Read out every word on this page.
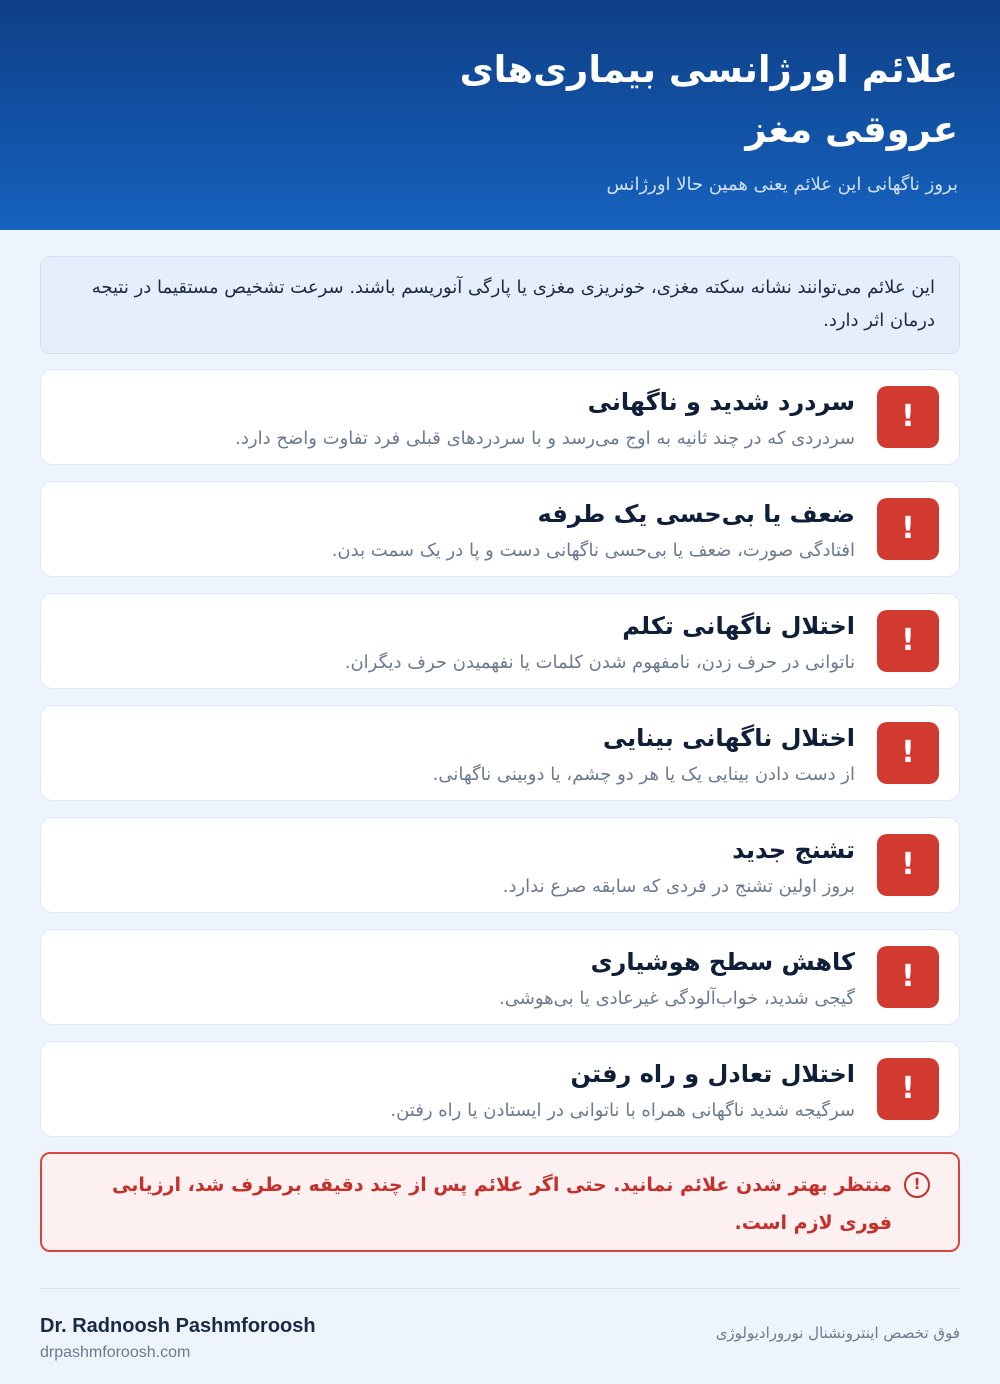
علائم اورژانسی بیماری‌های عروقی مغز
بروز ناگهانی این علائم یعنی همین حالا اورژانس
این علائم می‌توانند نشانه سکته مغزی، خونریزی مغزی یا پارگی آنوریسم باشند. سرعت تشخیص مستقیما در نتیجه درمان اثر دارد.
!
سردرد شدید و ناگهانی
سردردی که در چند ثانیه به اوج می‌رسد و با سردردهای قبلی فرد تفاوت واضح دارد.
!
ضعف یا بی‌حسی یک طرفه
افتادگی صورت، ضعف یا بی‌حسی ناگهانی دست و پا در یک سمت بدن.
!
اختلال ناگهانی تکلم
ناتوانی در حرف زدن، نامفهوم شدن کلمات یا نفهمیدن حرف دیگران.
!
اختلال ناگهانی بینایی
از دست دادن بینایی یک یا هر دو چشم، یا دوبینی ناگهانی.
!
تشنج جدید
بروز اولین تشنج در فردی که سابقه صرع ندارد.
!
کاهش سطح هوشیاری
گیجی شدید، خواب‌آلودگی غیرعادی یا بی‌هوشی.
!
اختلال تعادل و راه رفتن
سرگیجه شدید ناگهانی همراه با ناتوانی در ایستادن یا راه رفتن.
!
منتظر بهتر شدن علائم نمانید. حتی اگر علائم پس از چند دقیقه برطرف شد، ارزیابی فوری لازم است.
Dr. Radnoosh Pashmforoosh
drpashmforoosh.com
فوق تخصص اینترونشنال نورورادیولوژی
